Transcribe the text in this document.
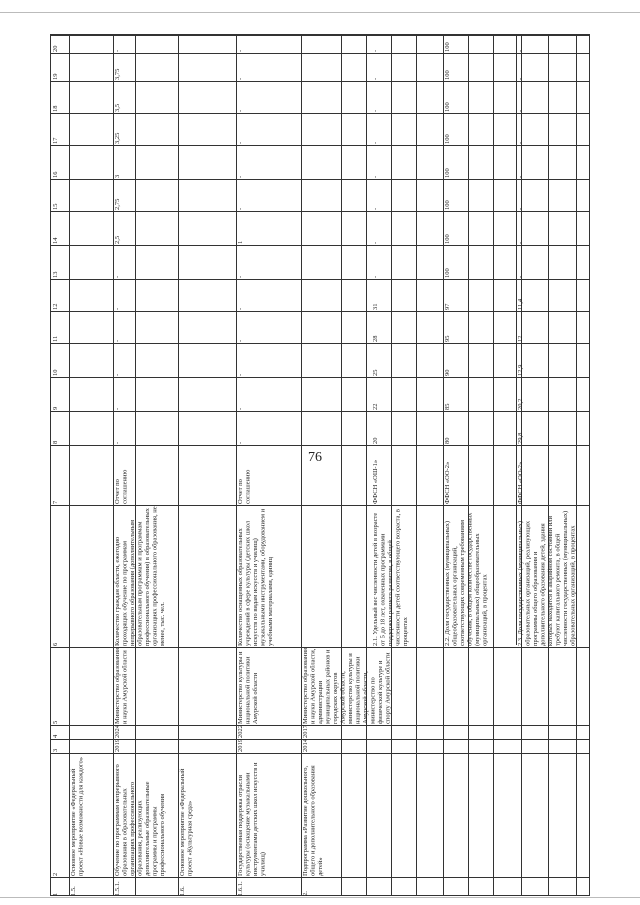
76
1
2
3
4
5
6
7
8
9
10
11
12
13
14
15
16
17
18
19
20
1.5.
Основное мероприятие «Федеральный проект «Новые возможности для каждого»
1.5.1.
Обучение по программам непрерывного образования в образовательных организациях профессионального образования, реализующих дополнительные образовательные программы и программы профессионального обучения
2019
2024
Министерство образования и науки Амурской области
Количество граждан области, ежегодно проходящих обучение по программам непрерывного образования (дополнительным образовательным программам и программам профессионального обучения) в образовательных организациях профессионального образования, не менее, тыс. чел.
Отчет по соглашению
-
-
-
-
-
-
2,5
2,75
3
3,25
3,5
3,75
-
1.6.
Основное мероприятие «Федеральный проект «Культурная среда»
1.6.1.
Государственная поддержка отрасли культуры (оснащение музыкальными инструментами детских школ искусств и училищ)
2019
2022
Министерство культуры и национальной политики Амурской области
Количество оснащенных образовательных учреждений в сфере культуры (детских школ искусств по видам искусств и училищ) музыкальными инструментами, оборудованием и учебными материалами, единиц
Отчет по соглашению
-
-
-
-
-
-
1
-
-
-
-
-
-
2.
Подпрограмма «Развитие дошкольного, общего и дополнительного образования детей»
2014
2017
Министерство образования и науки Амурской области, администрации муниципальных районов и городских округов Амурской области, министерство культуры и национальной политики Амурской области, министерство по физической культуре и спорту Амурской области
2.1. Удельный вес численности детей в возрасте от 5 до 18 лет, охваченных программами поддержки раннего развития, в общей численности детей соответствующего возраста, в процентах
ФФСН «ОШ-1»
20
22
25
28
31
-
-
-
-
-
-
-
-
2.2. Доля государственных (муниципальных) общеобразовательных организаций, соответствующих современным требованиям обучения, в общем количестве государственных (муниципальных) общеобразовательных организаций, в процентах
ФФСН «ОО-2»
80
85
90
95
97
100
100
100
100
100
100
100
100
2.3. Доля государственных (муниципальных) образовательных организаций, реализующих программы общего образования и дополнительного образования детей, здания которых находятся в аварийном состоянии или требуют капитального ремонта, в общей численности государственных (муниципальных) образовательных организаций, в процентах
ФФСН «ОО-2»
29,8
20,2
12,9
12
11,4
-
-
-
-
-
-
-
-
